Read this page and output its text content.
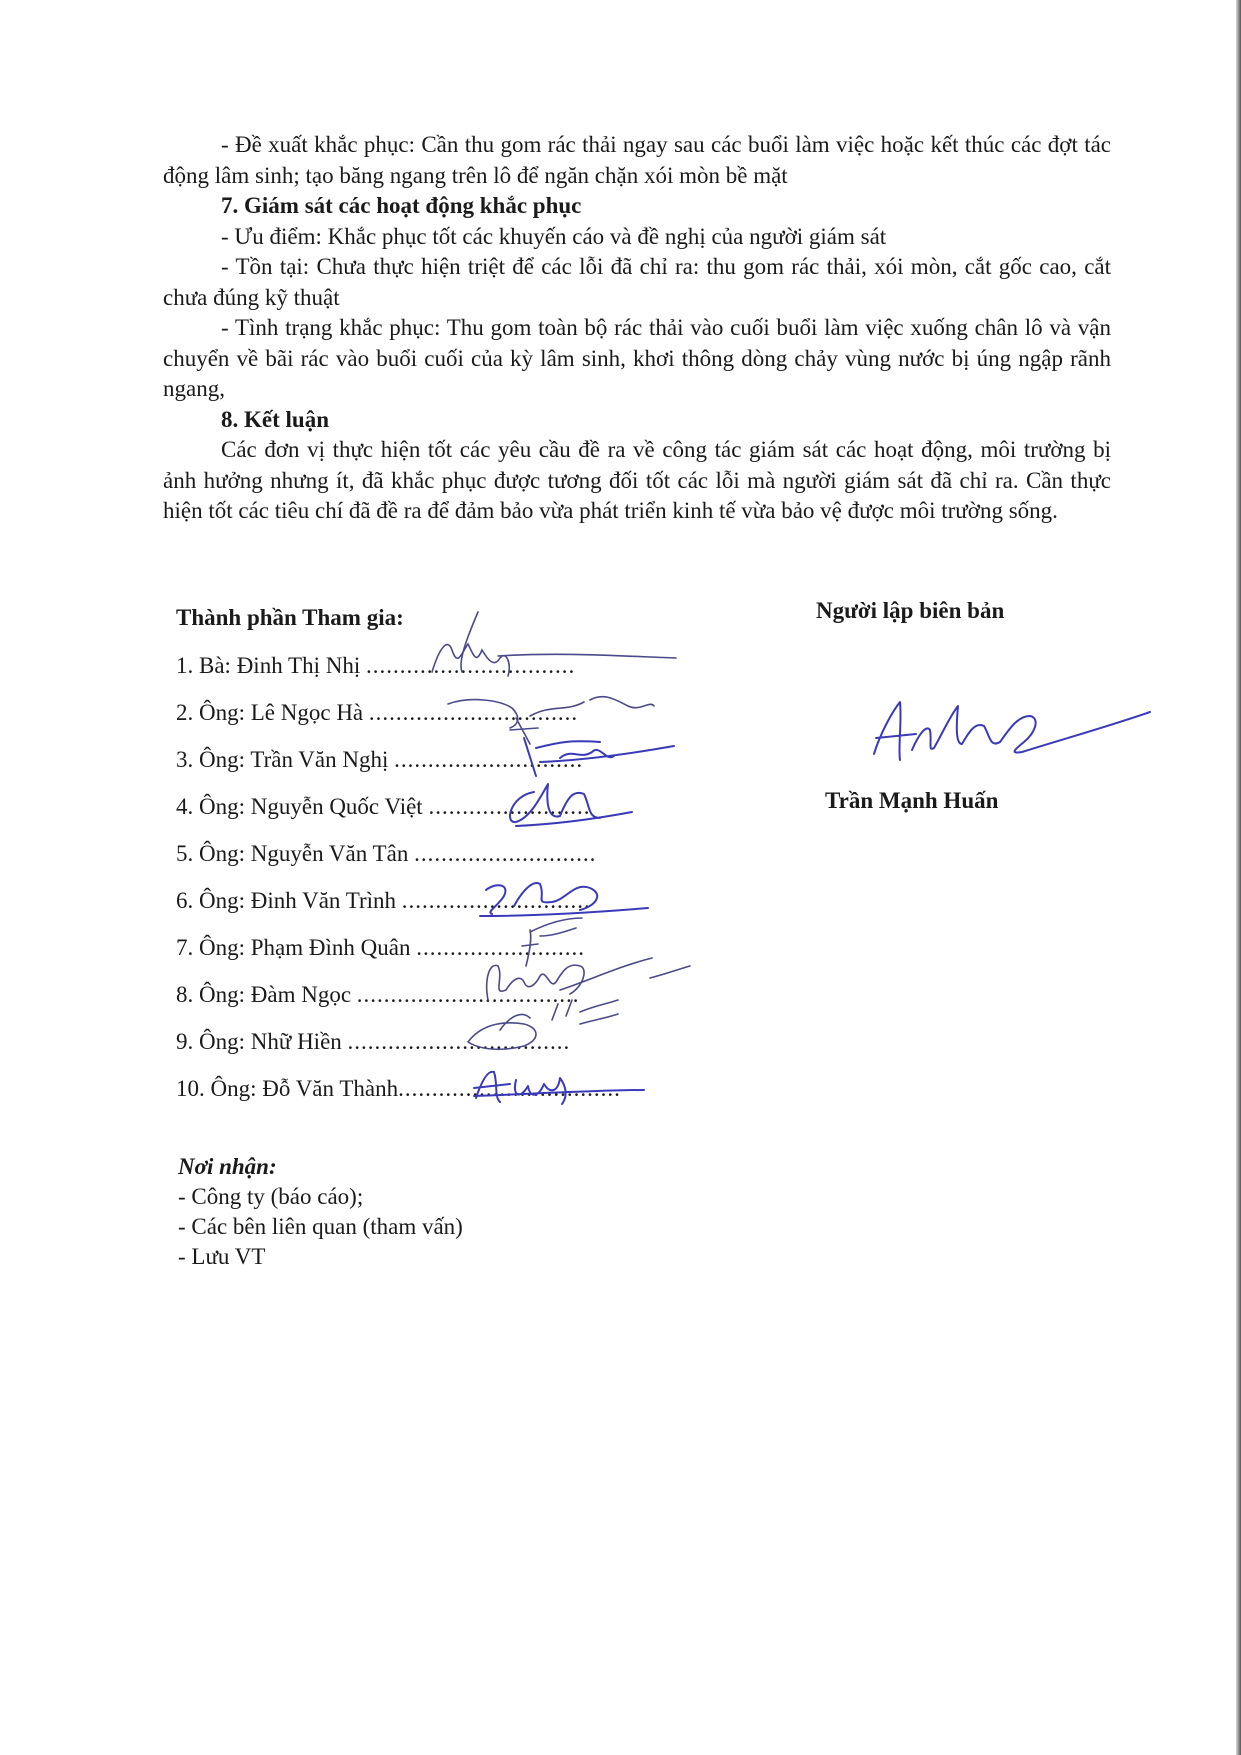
- Đề xuất khắc phục: Cần thu gom rác thải ngay sau các buổi làm việc hoặc kết thúc các đợt tác động lâm sinh; tạo băng ngang trên lô để ngăn chặn xói mòn bề mặt

7. Giám sát các hoạt động khắc phục

- Ưu điểm: Khắc phục tốt các khuyến cáo và đề nghị của người giám sát

- Tồn tại: Chưa thực hiện triệt để các lỗi đã chỉ ra: thu gom rác thải, xói mòn, cắt gốc cao, cắt chưa đúng kỹ thuật

- Tình trạng khắc phục: Thu gom toàn bộ rác thải vào cuối buổi làm việc xuống chân lô và vận chuyển về bãi rác vào buổi cuối của kỳ lâm sinh, khơi thông dòng chảy vùng nước bị úng ngập rãnh ngang,

8. Kết luận

Các đơn vị thực hiện tốt các yêu cầu đề ra về công tác giám sát các hoạt động, môi trường bị ảnh hưởng nhưng ít, đã khắc phục được tương đối tốt các lỗi mà người giám sát đã chỉ ra. Cần thực hiện tốt các tiêu chí đã đề ra để đảm bảo vừa phát triển kinh tế vừa bảo vệ được môi trường sống.

Thành phần Tham gia:
1. Bà: Đinh Thị Nhị ...............................
2. Ông: Lê Ngọc Hà ...............................
3. Ông: Trần Văn Nghị ............................
4. Ông: Nguyễn Quốc Việt ........................
5. Ông: Nguyễn Văn Tân ...........................
6. Ông: Đinh Văn Trình ............................
7. Ông: Phạm Đình Quân .........................
8. Ông: Đàm Ngọc .................................
9. Ông: Nhữ Hiền .................................
10. Ông: Đỗ Văn Thành.................................
Người lập biên bản
Trần Mạnh Huấn
Nơi nhận:
- Công ty (báo cáo);
- Các bên liên quan (tham vấn)
- Lưu VT
